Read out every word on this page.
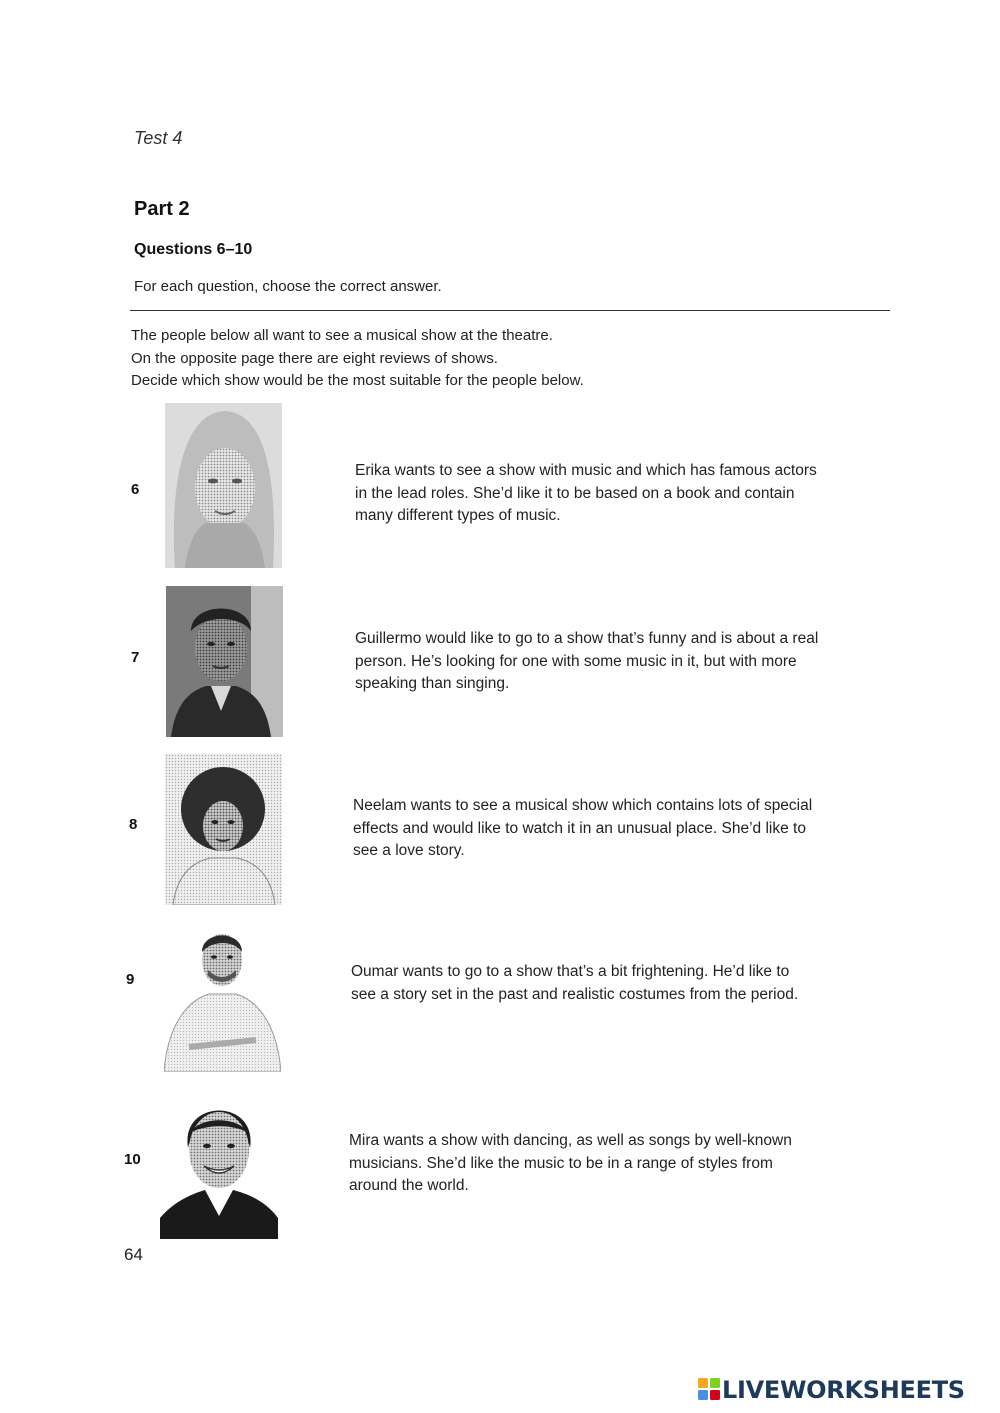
Test 4
Part 2
Questions 6–10
For each question, choose the correct answer.
The people below all want to see a musical show at the theatre.
On the opposite page there are eight reviews of shows.
Decide which show would be the most suitable for the people below.
6
Erika wants to see a show with music and which has famous actors
in the lead roles. She’d like it to be based on a book and contain
many different types of music.
7
Guillermo would like to go to a show that’s funny and is about a real
person. He’s looking for one with some music in it, but with more
speaking than singing.
8
Neelam wants to see a musical show which contains lots of special
effects and would like to watch it in an unusual place. She’d like to
see a love story.
9	Oumar wants to go to a show that’s a bit frightening. He’d like to
see a story set in the past and realistic costumes from the period.
10
Mira wants a show with dancing, as well as songs by well-known
musicians. She’d like the music to be in a range of styles from
around the world.
64
LIVEWORKSHEETS
